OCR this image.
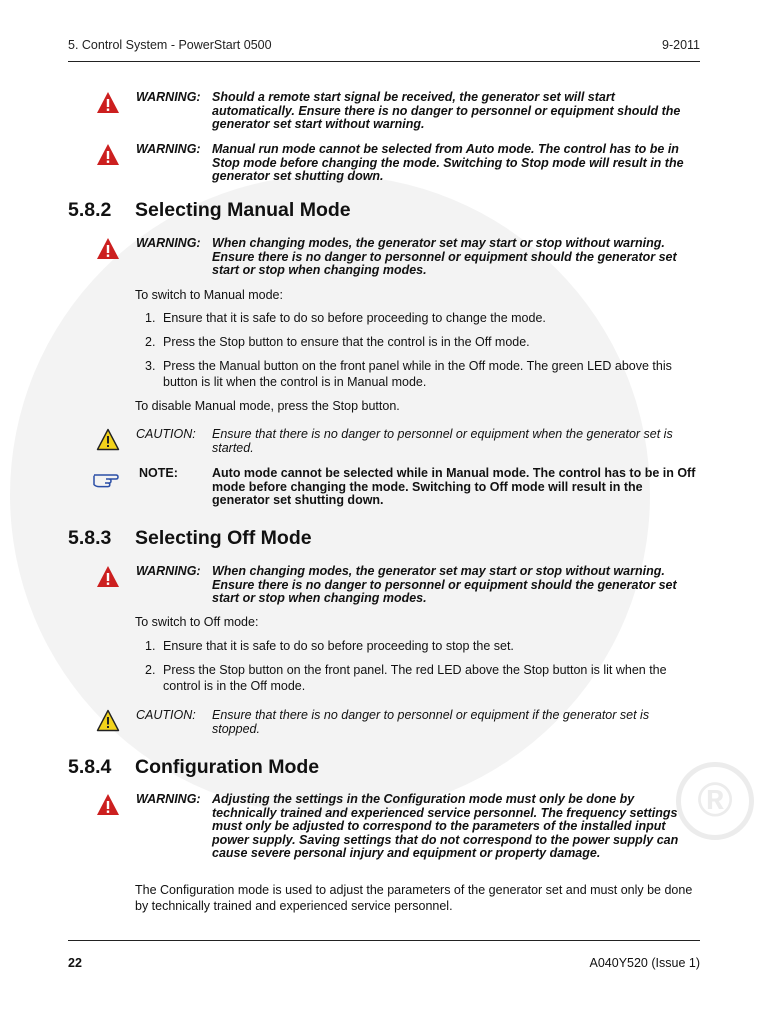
®
5. Control System - PowerStart 0500	9-2011
WARNING: Should a remote start signal be received, the generator set will start automatically. Ensure there is no danger to personnel or equipment should the generator set start without warning.
WARNING: Manual run mode cannot be selected from Auto mode. The control has to be in Stop mode before changing the mode. Switching to Stop mode will result in the generator set shutting down.
5.8.2 Selecting Manual Mode
WARNING: When changing modes, the generator set may start or stop without warning. Ensure there is no danger to personnel or equipment should the generator set start or stop when changing modes.
To switch to Manual mode:
1. Ensure that it is safe to do so before proceeding to change the mode.
2. Press the Stop button to ensure that the control is in the Off mode.
3. Press the Manual button on the front panel while in the Off mode. The green LED above this button is lit when the control is in Manual mode.
To disable Manual mode, press the Stop button.
CAUTION: Ensure that there is no danger to personnel or equipment when the generator set is started.
NOTE:	Auto mode cannot be selected while in Manual mode. The control has to be in Off mode before changing the mode. Switching to Off mode will result in the generator set shutting down.
5.8.3 Selecting Off Mode
WARNING: When changing modes, the generator set may start or stop without warning. Ensure there is no danger to personnel or equipment should the generator set start or stop when changing modes.
To switch to Off mode:
1. Ensure that it is safe to do so before proceeding to stop the set.
2. Press the Stop button on the front panel. The red LED above the Stop button is lit when the control is in the Off mode.
CAUTION: Ensure that there is no danger to personnel or equipment if the generator set is stopped.
5.8.4 Configuration Mode
WARNING: Adjusting the settings in the Configuration mode must only be done by technically trained and experienced service personnel. The frequency settings must only be adjusted to correspond to the parameters of the installed input power supply. Saving settings that do not correspond to the power supply can cause severe personal injury and equipment or property damage.
The Configuration mode is used to adjust the parameters of the generator set and must only be done by technically trained and experienced service personnel.
22	A040Y520 (Issue 1)
